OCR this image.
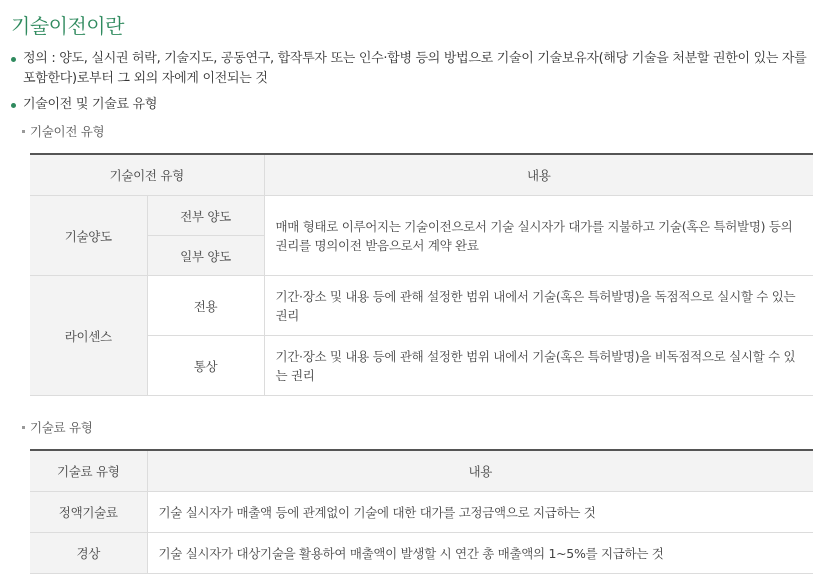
기술이전이란
정의 : 양도, 실시권 허락, 기술지도, 공동연구, 합작투자 또는 인수·합병 등의 방법으로 기술이 기술보유자(해당 기술을 처분할 권한이 있는 자를 포함한다)로부터 그 외의 자에게 이전되는 것
기술이전 및 기술료 유형
기술이전 유형
기술이전 유형		내용
기술양도	전부 양도	매매 형태로 이루어지는 기술이전으로서 기술 실시자가 대가를 지불하고 기술(혹은 특허발명) 등의 권리를 명의이전 받음으로서 계약 완료
	일부 양도	
라이센스	전용	기간·장소 및 내용 등에 관해 설정한 범위 내에서 기술(혹은 특허발명)을 독점적으로 실시할 수 있는 권리
	통상	기간·장소 및 내용 등에 관해 설정한 범위 내에서 기술(혹은 특허발명)을 비독점적으로 실시할 수 있는 권리
기술료 유형
기술료 유형	내용
정액기술료	기술 실시자가 매출액 등에 관계없이 기술에 대한 대가를 고정금액으로 지급하는 것
경상	기술 실시자가 대상기술을 활용하여 매출액이 발생할 시 연간 총 매출액의 1~5%를 지급하는 것
